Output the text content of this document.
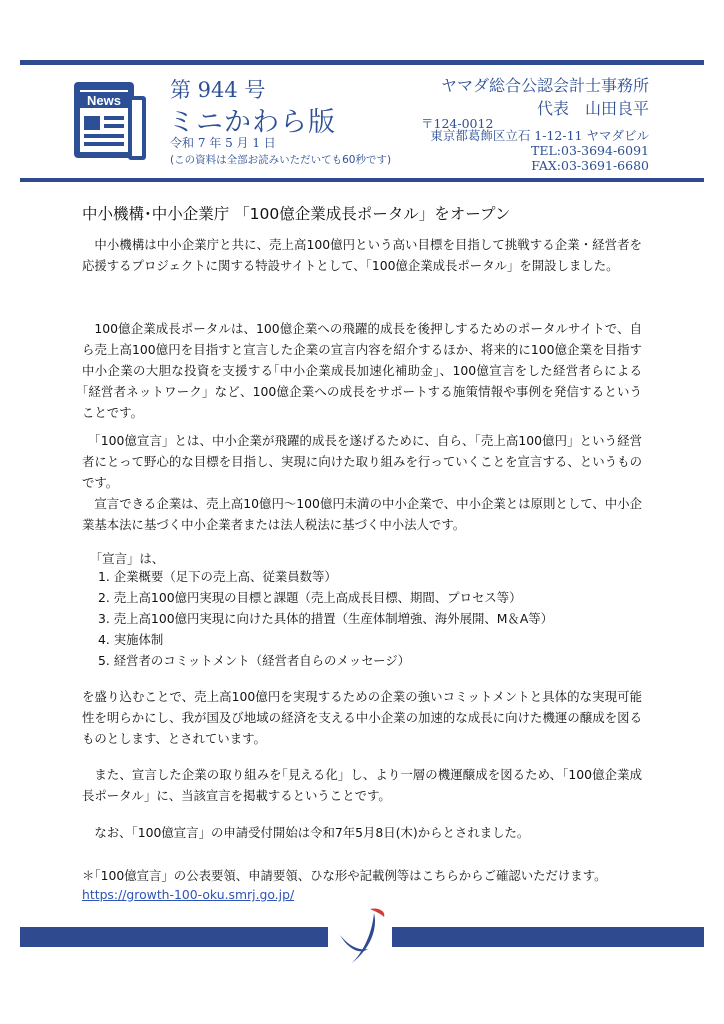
News 第 944 号
ミニかわら版
令和 7 年 5 月 1 日
(この資料は全部お読みいただいても60秒です)
ヤマダ総合公認会計士事務所
代表　山田良平
〒124-0012
東京都葛飾区立石 1-12-11 ヤマダビル
TEL:03-3694-6091
FAX:03-3691-6680
中小機構･中小企業庁 「100億企業成長ポータル」をオープン
中小機構は中小企業庁と共に、売上高100億円という高い目標を目指して挑戦する企業・経営者を応援するプロジェクトに関する特設サイトとして、｢100億企業成長ポータル」を開設しました。
100億企業成長ポータルは、100億企業への飛躍的成長を後押しするためのポータルサイトで、自ら売上高100億円を目指すと宣言した企業の宣言内容を紹介するほか、将来的に100億企業を目指す中小企業の大胆な投資を支援する｢中小企業成長加速化補助金」、100億宣言をした経営者らによる｢経営者ネットワーク」など、100億企業への成長をサポートする施策情報や事例を発信するということです。
｢100億宣言」とは、中小企業が飛躍的成長を遂げるために、自ら、｢売上高100億円」という経営者にとって野心的な目標を目指し、実現に向けた取り組みを行っていくことを宣言する、というものです。
宣言できる企業は、売上高10億円～100億円未満の中小企業で、中小企業とは原則として、中小企業基本法に基づく中小企業者または法人税法に基づく中小法人です。
｢宣言」は、
1. 企業概要（足下の売上高、従業員数等）
2. 売上高100億円実現の目標と課題（売上高成長目標、期間、プロセス等）
3. 売上高100億円実現に向けた具体的措置（生産体制増強、海外展開、M＆A等）
4. 実施体制
5. 経営者のコミットメント（経営者自らのメッセージ）
を盛り込むことで、売上高100億円を実現するための企業の強いコミットメントと具体的な実現可能性を明らかにし、我が国及び地域の経済を支える中小企業の加速的な成長に向けた機運の醸成を図るものとします、とされています。
また、宣言した企業の取り組みを｢見える化」し、より一層の機運醸成を図るため、｢100億企業成長ポータル」に、当該宣言を掲載するということです。
なお、｢100億宣言」の申請受付開始は令和7年5月8日(木)からとされました。
＊｢100億宣言」の公表要領、申請要領、ひな形や記載例等はこちらからご確認いただけます。
https://growth-100-oku.smrj.go.jp/
